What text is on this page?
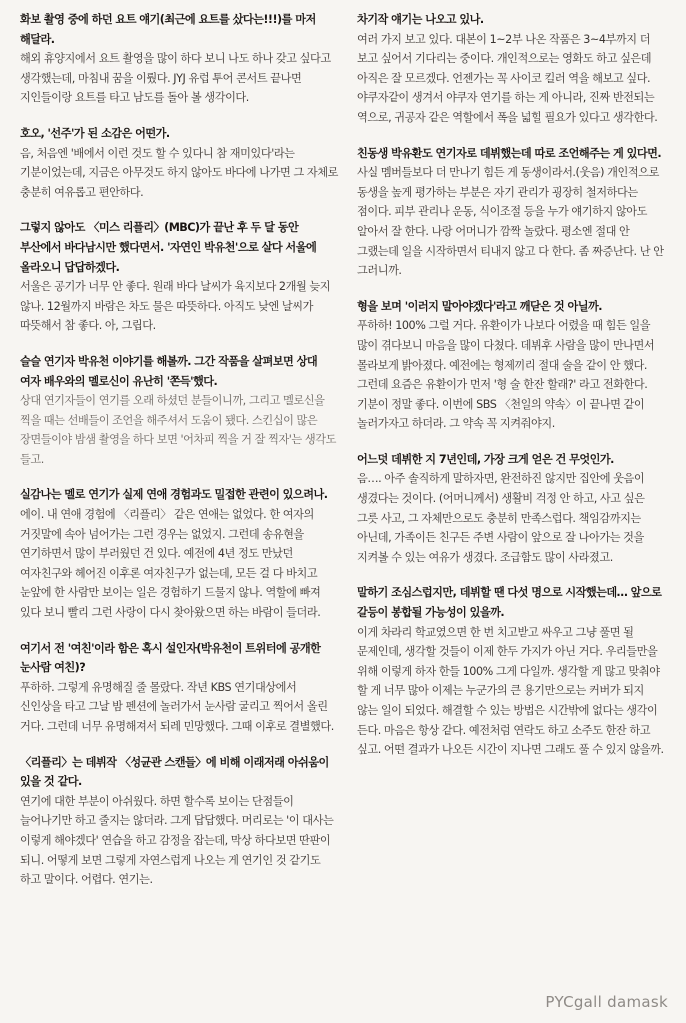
화보 촬영 중에 하던 요트 얘기(최근에 요트를 샀다는!!!)를 마저 해달라.
해외 휴양지에서 요트 촬영을 많이 하다 보니 나도 하나 갖고 싶다고 생각했는데, 마침내 꿈을 이뤘다. JYJ 유럽 투어 콘서트 끝나면 지인들이랑 요트를 타고 남도를 돌아 볼 생각이다.
호오, '선주'가 된 소감은 어떤가.
음, 처음엔 '배에서 이런 것도 할 수 있다니 참 재미있다'라는 기분이었는데, 지금은 아무것도 하지 않아도 바다에 나가면 그 자체로 충분히 여유롭고 편안하다.
그렇지 않아도 〈미스 리플리〉(MBC)가 끝난 후 두 달 동안 부산에서 바다남시만 했다면서. '자연인 박유천'으로 살다 서울에 올라오니 답답하겠다.
서울은 공기가 너무 안 좋다. 원래 바다 날씨가 육지보다 2개월 늦지 않나. 12월까지 바람은 차도 물은 따뜻하다. 아직도 낮엔 날씨가 따뜻해서 참 좋다. 아, 그립다.
슬슬 연기자 박유천 이야기를 해볼까. 그간 작품을 살펴보면 상대 여자 배우와의 멜로신이 유난히 '쫀득'했다.
상대 연기자들이 연기를 오래 하셨던 분들이니까, 그리고 멜로신을 찍을 때는 선배들이 조언을 해주셔서 도움이 됐다. 스킨십이 많은 장면들이야 밤샘 촬영을 하다 보면 '어차피 찍을 거 잘 찍자'는 생각도 들고.
실감나는 멜로 연기가 실제 연애 경험과도 밀접한 관련이 있으려나.
에이. 내 연애 경험에 〈리플리〉 같은 연애는 없었다. 한 여자의 거짓말에 속아 넘어가는 그런 경우는 없었지. 그런데 송유현을 연기하면서 많이 부러웠던 건 있다. 예전에 4년 정도 만났던 여자친구와 헤어진 이후론 여자친구가 없는데, 모든 걸 다 바치고 눈앞에 한 사람만 보이는 일은 경험하기 드물지 않나. 역할에 빠져 있다 보니 빨리 그런 사랑이 다시 찾아왔으면 하는 바람이 들더라.
여기서 전 '여친'이라 함은 혹시 설인자(박유천이 트위터에 공개한 눈사람 여친)?
푸하하. 그렇게 유명해질 줄 몰랐다. 작년 KBS 연기대상에서 신인상을 타고 그날 밤 펜션에 놀러가서 눈사람 굴리고 찍어서 올린 거다. 그런데 너무 유명해져서 되레 민망했다. 그때 이후로 결별했다.
〈리플리〉는 데뷔작 〈성균관 스캔들〉에 비해 이래저래 아쉬움이 있을 것 같다.
연기에 대한 부분이 아쉬웠다. 하면 할수록 보이는 단점들이 늘어나기만 하고 줄지는 않더라. 그게 답답했다. 머리로는 '이 대사는 이렇게 해야겠다' 연습을 하고 감정을 잡는데, 막상 하다보면 딴판이 되니. 어떻게 보면 그렇게 자연스럽게 나오는 게 연기인 것 같기도 하고 말이다. 어렵다. 연기는.
차기작 얘기는 나오고 있나.
여러 가지 보고 있다. 대본이 1~2부 나온 작품은 3~4부까지 더 보고 싶어서 기다리는 중이다. 개인적으로는 영화도 하고 싶은데 아직은 잘 모르겠다. 언젠가는 꼭 사이코 킬러 역을 해보고 싶다. 야쿠자같이 생겨서 야쿠자 연기를 하는 게 아니라, 진짜 반전되는 역으로, 귀공자 같은 역할에서 폭을 넓힐 필요가 있다고 생각한다.
친동생 박유환도 연기자로 데뷔했는데 따로 조언해주는 게 있다면.
사실 멤버들보다 더 만나기 힘든 게 동생이라서.(웃음) 개인적으로 동생을 높게 평가하는 부분은 자기 관리가 굉장히 철저하다는 점이다. 피부 관리나 운동, 식이조절 등을 누가 얘기하지 않아도 알아서 잘 한다. 나랑 어머니가 깜짝 놀랐다. 평소엔 절대 안 그랬는데 일을 시작하면서 티내지 않고 다 한다. 좀 짜증난다. 난 안 그러니까.
형을 보며 '이러지 말아야겠다'라고 깨닫은 것 아닐까.
푸하하! 100% 그럴 거다. 유환이가 나보다 어렸을 때 힘든 일을 많이 겪다보니 마음을 많이 다쳤다. 데뷔후 사람을 많이 만나면서 몰라보게 밝아졌다. 예전에는 형제끼리 절대 술을 같이 안 했다. 그런데 요즘은 유환이가 먼저 '형 술 한잔 할래?' 라고 전화한다. 기분이 정말 좋다. 이번에 SBS 〈천일의 약속〉이 끝나면 같이 놀러가자고 하더라. 그 약속 꼭 지켜줘야지.
어느덧 데뷔한 지 7년인데, 가장 크게 얻은 건 무엇인가.
음…. 아주 솔직하게 말하자면, 완전하진 않지만 집안에 웃음이 생겼다는 것이다. (어머니께서) 생활비 걱정 안 하고, 사고 싶은 그릇 사고, 그 자체만으로도 충분히 만족스럽다. 책임감까지는 아닌데, 가족이든 친구든 주변 사람이 앞으로 잘 나아가는 것을 지켜볼 수 있는 여유가 생겼다. 조급함도 많이 사라졌고.
말하기 조심스럽지만, 데뷔할 땐 다섯 명으로 시작했는데… 앞으로 갈등이 봉합될 가능성이 있을까.
이게 차라리 학교였으면 한 번 치고받고 싸우고 그냥 풀면 될 문제인데, 생각할 것들이 이제 한두 가지가 아닌 거다. 우리들만을 위해 이렇게 하자 한들 100% 그게 다일까. 생각할 게 많고 맞춰야 할 게 너무 많아 이제는 누군가의 큰 용기만으로는 커버가 되지 않는 일이 되었다. 해결할 수 있는 방법은 시간밖에 없다는 생각이 든다. 마음은 항상 같다. 예전처럼 연락도 하고 소주도 한잔 하고 싶고. 어떤 결과가 나오든 시간이 지나면 그래도 풀 수 있지 않을까.
PYCgall damask
